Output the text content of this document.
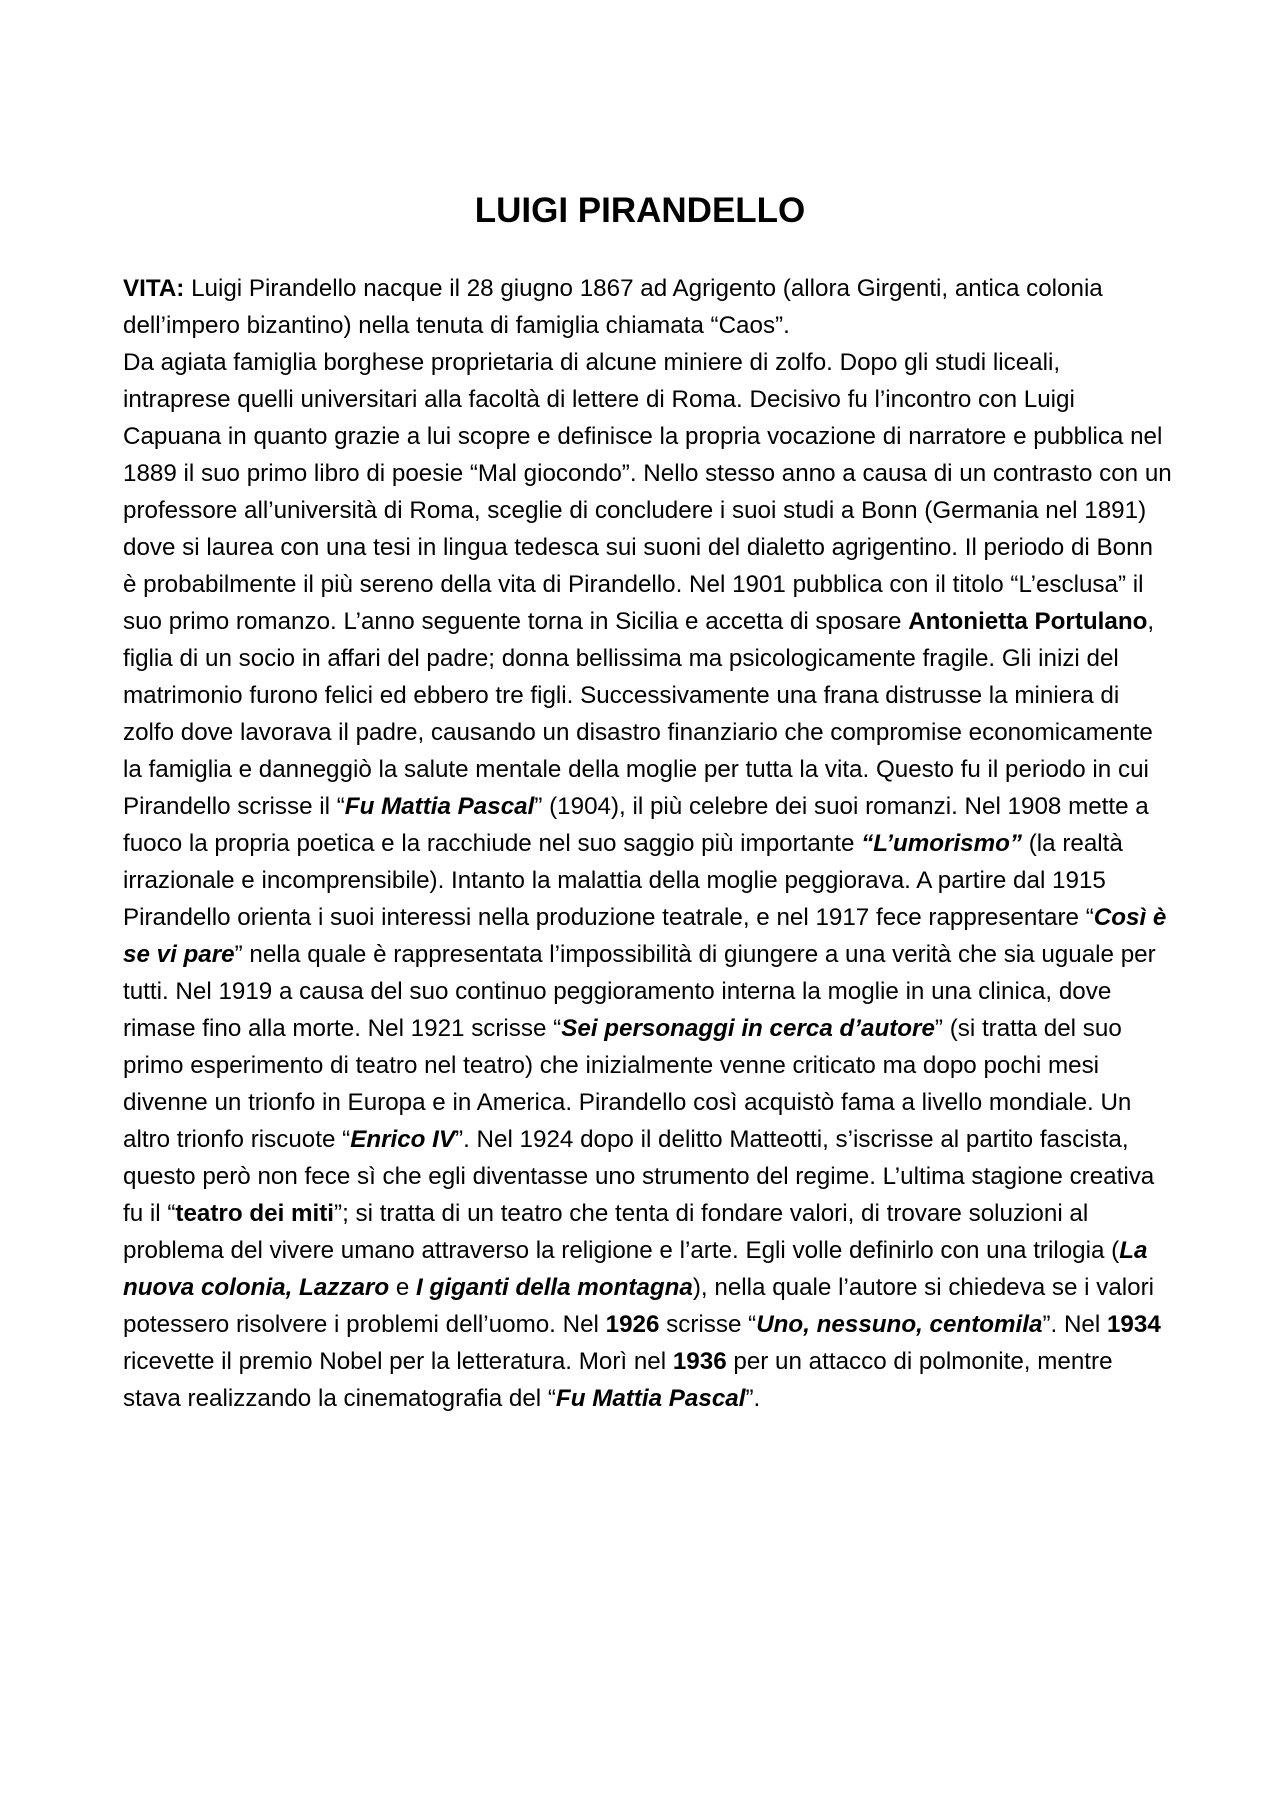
LUIGI PIRANDELLO

VITA: Luigi Pirandello nacque il 28 giugno 1867 ad Agrigento (allora Girgenti, antica colonia dell’impero bizantino) nella tenuta di famiglia chiamata “Caos”.

Da agiata famiglia borghese proprietaria di alcune miniere di zolfo. Dopo gli studi liceali, intraprese quelli universitari alla facoltà di lettere di Roma. Decisivo fu l’incontro con Luigi Capuana in quanto grazie a lui scopre e definisce la propria vocazione di narratore e pubblica nel 1889 il suo primo libro di poesie “Mal giocondo”. Nello stesso anno a causa di un contrasto con un professore all’università di Roma, sceglie di concludere i suoi studi a Bonn (Germania nel 1891) dove si laurea con una tesi in lingua tedesca sui suoni del dialetto agrigentino. Il periodo di Bonn è probabilmente il più sereno della vita di Pirandello. Nel 1901 pubblica con il titolo “L’esclusa” il suo primo romanzo. L’anno seguente torna in Sicilia e accetta di sposare Antonietta Portulano, figlia di un socio in affari del padre; donna bellissima ma psicologicamente fragile. Gli inizi del matrimonio furono felici ed ebbero tre figli. Successivamente una frana distrusse la miniera di zolfo dove lavorava il padre, causando un disastro finanziario che compromise economicamente la famiglia e danneggiò la salute mentale della moglie per tutta la vita. Questo fu il periodo in cui Pirandello scrisse il “Fu Mattia Pascal” (1904), il più celebre dei suoi romanzi. Nel 1908 mette a fuoco la propria poetica e la racchiude nel suo saggio più importante “L’umorismo” (la realtà irrazionale e incomprensibile). Intanto la malattia della moglie peggiorava. A partire dal 1915 Pirandello orienta i suoi interessi nella produzione teatrale, e nel 1917 fece rappresentare “Così è se vi pare” nella quale è rappresentata l’impossibilità di giungere a una verità che sia uguale per tutti. Nel 1919 a causa del suo continuo peggioramento interna la moglie in una clinica, dove rimase fino alla morte. Nel 1921 scrisse “Sei personaggi in cerca d’autore” (si tratta del suo primo esperimento di teatro nel teatro) che inizialmente venne criticato ma dopo pochi mesi divenne un trionfo in Europa e in America. Pirandello così acquistò fama a livello mondiale. Un altro trionfo riscuote “Enrico IV”. Nel 1924 dopo il delitto Matteotti, s’iscrisse al partito fascista, questo però non fece sì che egli diventasse uno strumento del regime. L’ultima stagione creativa fu il “teatro dei miti”; si tratta di un teatro che tenta di fondare valori, di trovare soluzioni al problema del vivere umano attraverso la religione e l’arte. Egli volle definirlo con una trilogia (La nuova colonia, Lazzaro e I giganti della montagna), nella quale l’autore si chiedeva se i valori potessero risolvere i problemi dell’uomo. Nel 1926 scrisse “Uno, nessuno, centomila”. Nel 1934 ricevette il premio Nobel per la letteratura. Morì nel 1936 per un attacco di polmonite, mentre stava realizzando la cinematografia del “Fu Mattia Pascal”.
